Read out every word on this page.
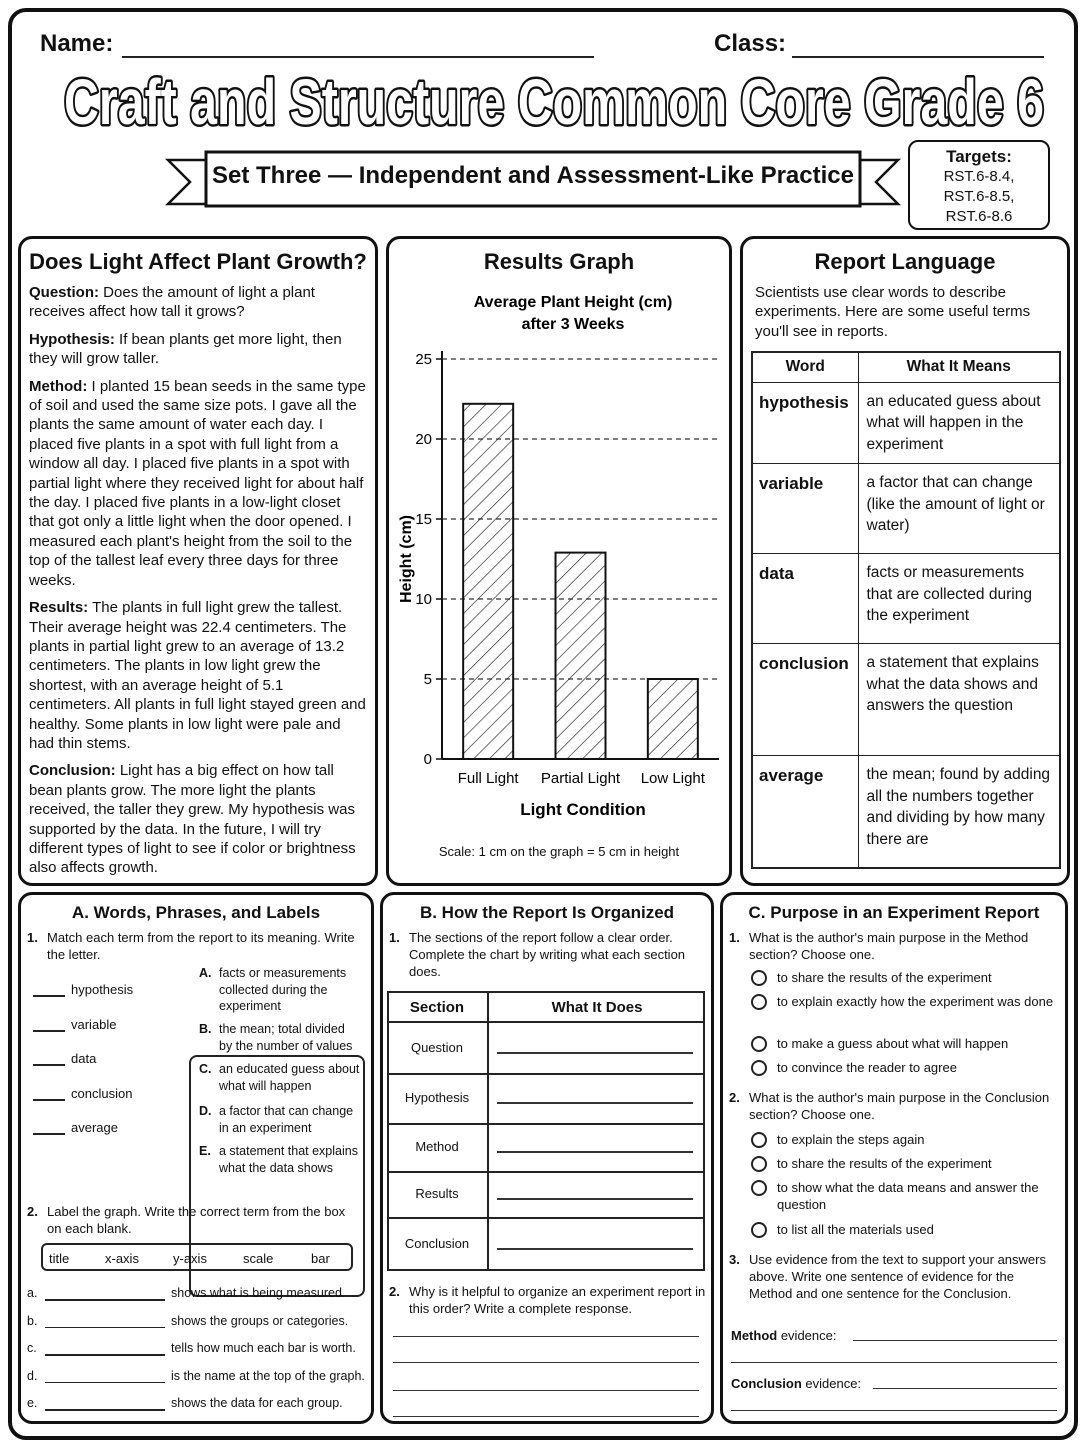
Name:	Class:
Craft and Structure Common Core Grade 6
Set Three — Independent and Assessment-Like Practice
Targets:
RST.6-8.4,
RST.6-8.5,
RST.6-8.6
Does Light Affect Plant Growth?

Question: Does the amount of light a plant receives affect how tall it grows?

Hypothesis: If bean plants get more light, then they will grow taller.

Method: I planted 15 bean seeds in the same type of soil and used the same size pots. I gave all the plants the same amount of water each day. I placed five plants in a spot with full light from a window all day. I placed five plants in a spot with partial light where they received light for about half the day. I placed five plants in a low-light closet that got only a little light when the door opened. I measured each plant's height from the soil to the top of the tallest leaf every three days for three weeks.

Results: The plants in full light grew the tallest. Their average height was 22.4 centimeters. The plants in partial light grew to an average of 13.2 centimeters. The plants in low light grew the shortest, with an average height of 5.1 centimeters. All plants in full light stayed green and healthy. Some plants in low light were pale and had thin stems.

Conclusion: Light has a big effect on how tall bean plants grow. The more light the plants received, the taller they grew. My hypothesis was supported by the data. In the future, I will try different types of light to see if color or brightness also affects growth.

Results Graph
Average Plant Height (cm)
after 3 Weeks
0
5
10
15
20
25
Full Light Partial Light Low Light
Light Condition
Height (cm)
Scale: 1 cm on the graph = 5 cm in height
Report Language
Scientists use clear words to describe experiments. Here are some useful terms you'll see in reports.
Word	What It Means
hypothesis	an educated guess about what will happen in the experiment
variable	a factor that can change (like the amount of light or water)
data	facts or measurements that are collected during the experiment
conclusion	a statement that explains what the data shows and answers the question
average	the mean; found by adding all the numbers together and dividing by how many there are
A. Words, Phrases, and Labels
1. Match each term from the report to its meaning. Write the letter.
hypothesis
variable
data
conclusion
average
A. facts or measurements collected during the experiment
B. the mean; total divided by the number of values
C. an educated guess about what will happen
D. a factor that can change in an experiment
E. a statement that explains what the data shows
2. Label the graph. Write the correct term from the box on each blank.
title	x-axis	y-axis	scale	bar
a.	shows what is being measured.
b.	shows the groups or categories.
c.	tells how much each bar is worth.
d.	is the name at the top of the graph.
e.	shows the data for each group.
B. How the Report Is Organized
1. The sections of the report follow a clear order. Complete the chart by writing what each section does.
Section	What It Does
Question
Hypothesis
Method
Results
Conclusion
2. Why is it helpful to organize an experiment report in this order? Write a complete response.
C. Purpose in an Experiment Report
1. What is the author's main purpose in the Method section? Choose one.
to share the results of the experiment
to explain exactly how the experiment was done
to make a guess about what will happen
to convince the reader to agree
2. What is the author's main purpose in the Conclusion section? Choose one.
to explain the steps again
to share the results of the experiment
to show what the data means and answer the question
to list all the materials used
3. Use evidence from the text to support your answers above. Write one sentence of evidence for the Method and one sentence for the Conclusion.
Method evidence:
Conclusion evidence:
